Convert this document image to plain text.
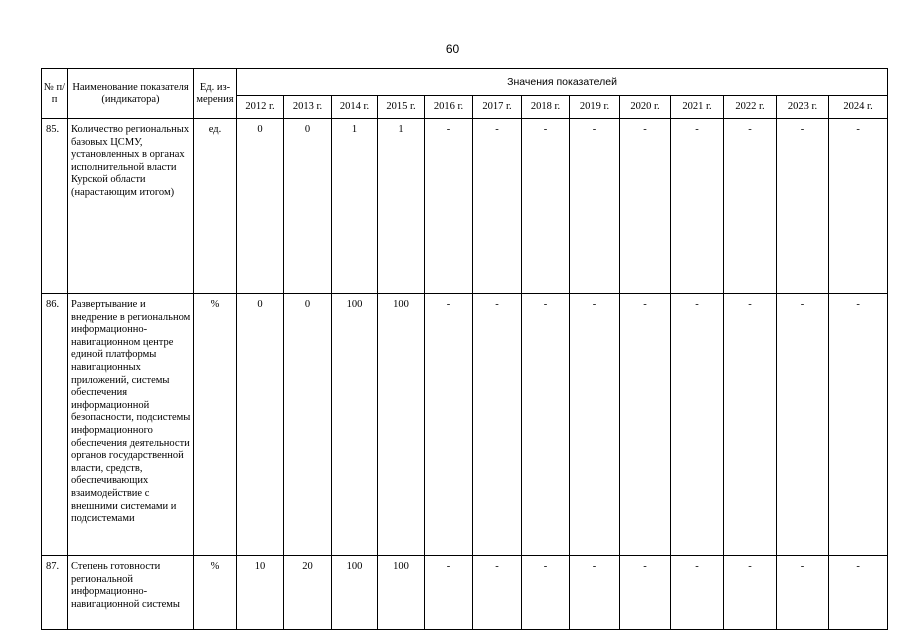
60
№ п/п	Наименование показателя (индикатора)	Ед. из-мерения	Значения показателей												
			2012 г.	2013 г.	2014 г.	2015 г.	2016 г.	2017 г.	2018 г.	2019 г.	2020 г.	2021 г.	2022 г.	2023 г.	2024 г.
85.	Количество региональных базовых ЦСМУ, установленных в органах исполнительной власти Курской области (нарастающим итогом)	ед.	0	0	1	1	-	-	-	-	-	-	-	-	-
86.	Развертывание и внедрение в региональном информационно-навигационном центре единой платформы навигационных приложений, системы обеспечения информационной безопасности, подсистемы информационного обеспечения деятельности органов государственной власти, средств, обеспечивающих взаимодействие с внешними системами и подсистемами	%	0	0	100	100	-	-	-	-	-	-	-	-	-
87.	Степень готовности региональной информационно-навигационной системы	%	10	20	100	100	-	-	-	-	-	-	-	-	-
